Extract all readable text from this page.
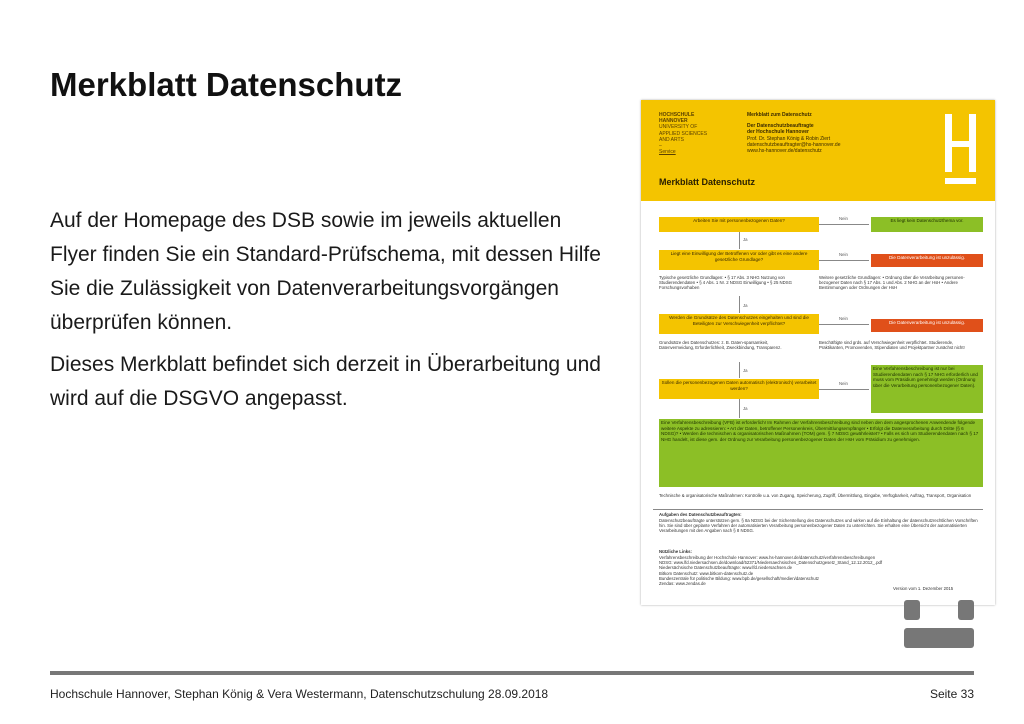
Merkblatt Datenschutz

Auf der Homepage des DSB sowie im jeweils aktuellen Flyer finden Sie ein Standard-Prüfschema, mit dessen Hilfe Sie die Zulässigkeit von Datenverarbeitungsvorgängen überprüfen können.

Dieses Merkblatt befindet sich derzeit in Überarbeitung und wird auf die DSGVO angepasst.

HOCHSCHULE
HANNOVER
UNIVERSITY OF
APPLIED SCIENCES
AND ARTS
–
Service
Merkblatt zum Datenschutz
Der Datenschutzbeauftragte
der Hochschule Hannover
Prof. Dr. Stephan König & Robin Ziert
datenschutzbeauftragter@hs-hannover.de
www.hs-hannover.de/datenschutz
Merkblatt Datenschutz
Arbeiten Sie mit personenbezogenen Daten?	Nein	Es liegt kein Datenschutzthema vor.
Ja
Liegt eine Einwilligung der Betroffenen vor oder gibt es eine andere gesetzliche Grundlage?
Nein
Die Datenverarbeitung ist unzulässig.
Typische gesetzliche Grundlagen: • § 17 Abs. 3 NHG Nutzung von Studierendendaten • § 4 Abs. 1 Nr. 2 NDSG Einwilligung • § 25 NDSG Forschungsvorhaben
Weitere gesetzliche Grundlagen: • Ordnung über die Verarbeitung personen-bezogener Daten nach § 17 Abs. 1 und Abs. 2 NHG an der HsH • Andere Bestimmungen oder Ordnungen der HsH
Ja
Werden die Grundsätze des Datenschutzes eingehalten und sind die Beteiligten zur Verschwiegenheit verpflichtet?
Nein
Die Datenverarbeitung ist unzulässig.
Grundsätze des Datenschutzes: z. B. Daten-sparsamkeit, Datenvermeidung, Erforderlichkeit, Zweckbindung, Transparenz.
Beschäftigte sind grds. auf Verschwiegenheit verpflichtet. Studierende, Praktikanten, Promovenden, Stipendiaten und Projektpartner zunächst nicht!
Ja
Sollen die personenbezogenen Daten automatisch (elektronisch) verarbeitet werden?
Nein
Eine Verfahrensbeschreibung ist nur bei Studierendendaten nach § 17 NHG erforderlich und muss vom Präsidium genehmigt werden (Ordnung über die Verarbeitung personenbezogener Daten).
Ja
Eine Verfahrensbeschreibung (VFB) ist erforderlich! Im Rahmen der Verfahrensbeschreibung sind neben den dem angesprochenen Anwendende folgende weitere Aspekte zu adressieren: • Art der Daten, betroffener Personenkreis, Übermittlungsempfänger • Erfolgt die Datenverarbeitung durch Dritte (§ 6 NDSG)? • Werden die technischen & organisatorischen Maßnahmen (TOM) gem. § 7 NDSG gewährleistet? • Falls es sich um Studierendendaten nach § 17 NHG handelt, ist diese gem. der Ordnung zur Verarbeitung personenbezogener Daten der HsH vom Präsidium zu genehmigen.
Technische & organisatorische Maßnahmen: Kontrolle u.a. von Zugang, Speicherung, Zugriff, Übermittlung, Eingabe, Verfügbarkeit, Auftrag, Transport, Organisation
Aufgaben des Datenschutzbeauftragten:
Datenschutzbeauftragte unterstützen gem. § 8a NDSG bei der Sicherstellung des Datenschutzes und wirken auf die Einhaltung der datenschutzrechtlichen Vorschriften hin. Sie sind über geplante Verfahren der automatisierten Verarbeitung personenbezogener Daten zu unterrichten. Sie erhalten eine Übersicht der automatisierten Verarbeitungen mit den Angaben nach § 8 NDSG.
Nützliche Links:
Verfahrensbeschreibung der Hochschule Hannover: www.hs-hannover.de/datenschutz/verfahrensbeschreibungen
NDSG: www.lfd.niedersachsen.de/download/52371/Niedersaechsisches_Datenschutzgesetz_Stand_12.12.2012_.pdf
Niedersächsische Datenschutzbeauftragte: www.lfd.niedersachsen.de
Bitkom Datenschutz: www.bitkom-datenschutz.de
Bundeszentrale für politische Bildung: www.bpb.de/gesellschaft/medien/datenschutz
Zendas: www.zendas.de
Version vom 1. Dezember 2015
Hochschule Hannover, Stephan König & Vera Westermann, Datenschutzschulung 28.09.2018	Seite 33
